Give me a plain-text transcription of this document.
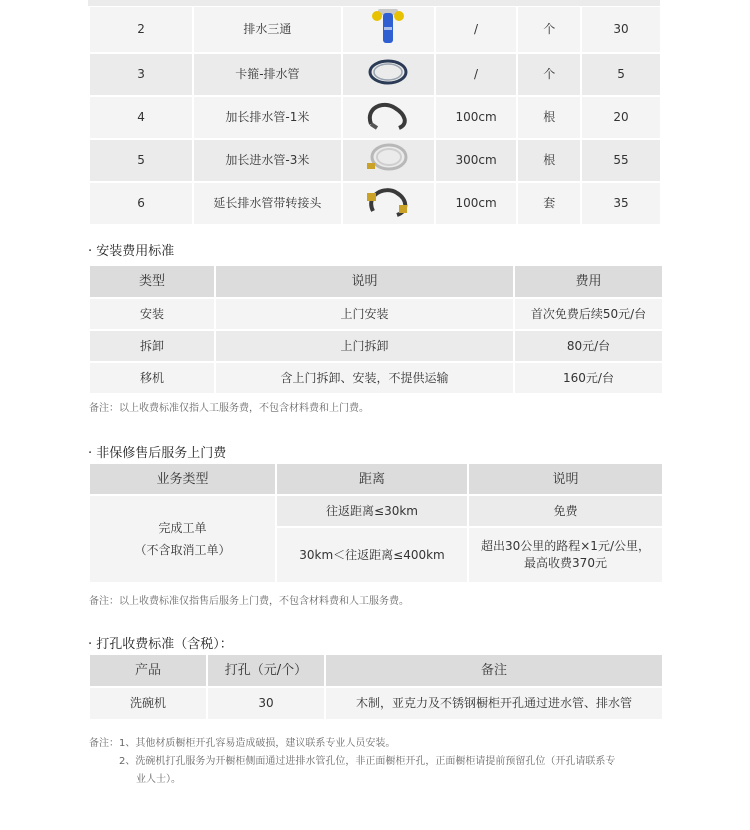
2	排水三通		/	个	30
3	卡箍-排水管		/	个	5
4	加长排水管-1米		100cm	根	20
5	加长进水管-3米		300cm	根	55
6	延长排水管带转接头		100cm	套	35
· 安装费用标准
类型	说明	费用
安装	上门安装	首次免费后续50元/台
拆卸	上门拆卸	80元/台
移机	含上门拆卸、安装，不提供运输	160元/台
备注：以上收费标准仅指人工服务费，不包含材料费和上门费。
· 非保修售后服务上门费
业务类型	距离	说明

完成工单
（不含取消工单）	往返距离≤30km	免费
	30km＜往返距离≤400km	超出30公里的路程×1元/公里，
最高收费370元
备注：以上收费标准仅指售后服务上门费，不包含材料费和人工服务费。
· 打孔收费标准（含税）：
产品	打孔（元/个）	备注
洗碗机	30	木制，亚克力及不锈钢橱柜开孔通过进水管、排水管
备注：1、其他材质橱柜开孔容易造成破损，建议联系专业人员安装。
2、洗碗机打孔服务为开橱柜侧面通过进排水管孔位，非正面橱柜开孔，正面橱柜请提前预留孔位（开孔请联系专
业人士）。
